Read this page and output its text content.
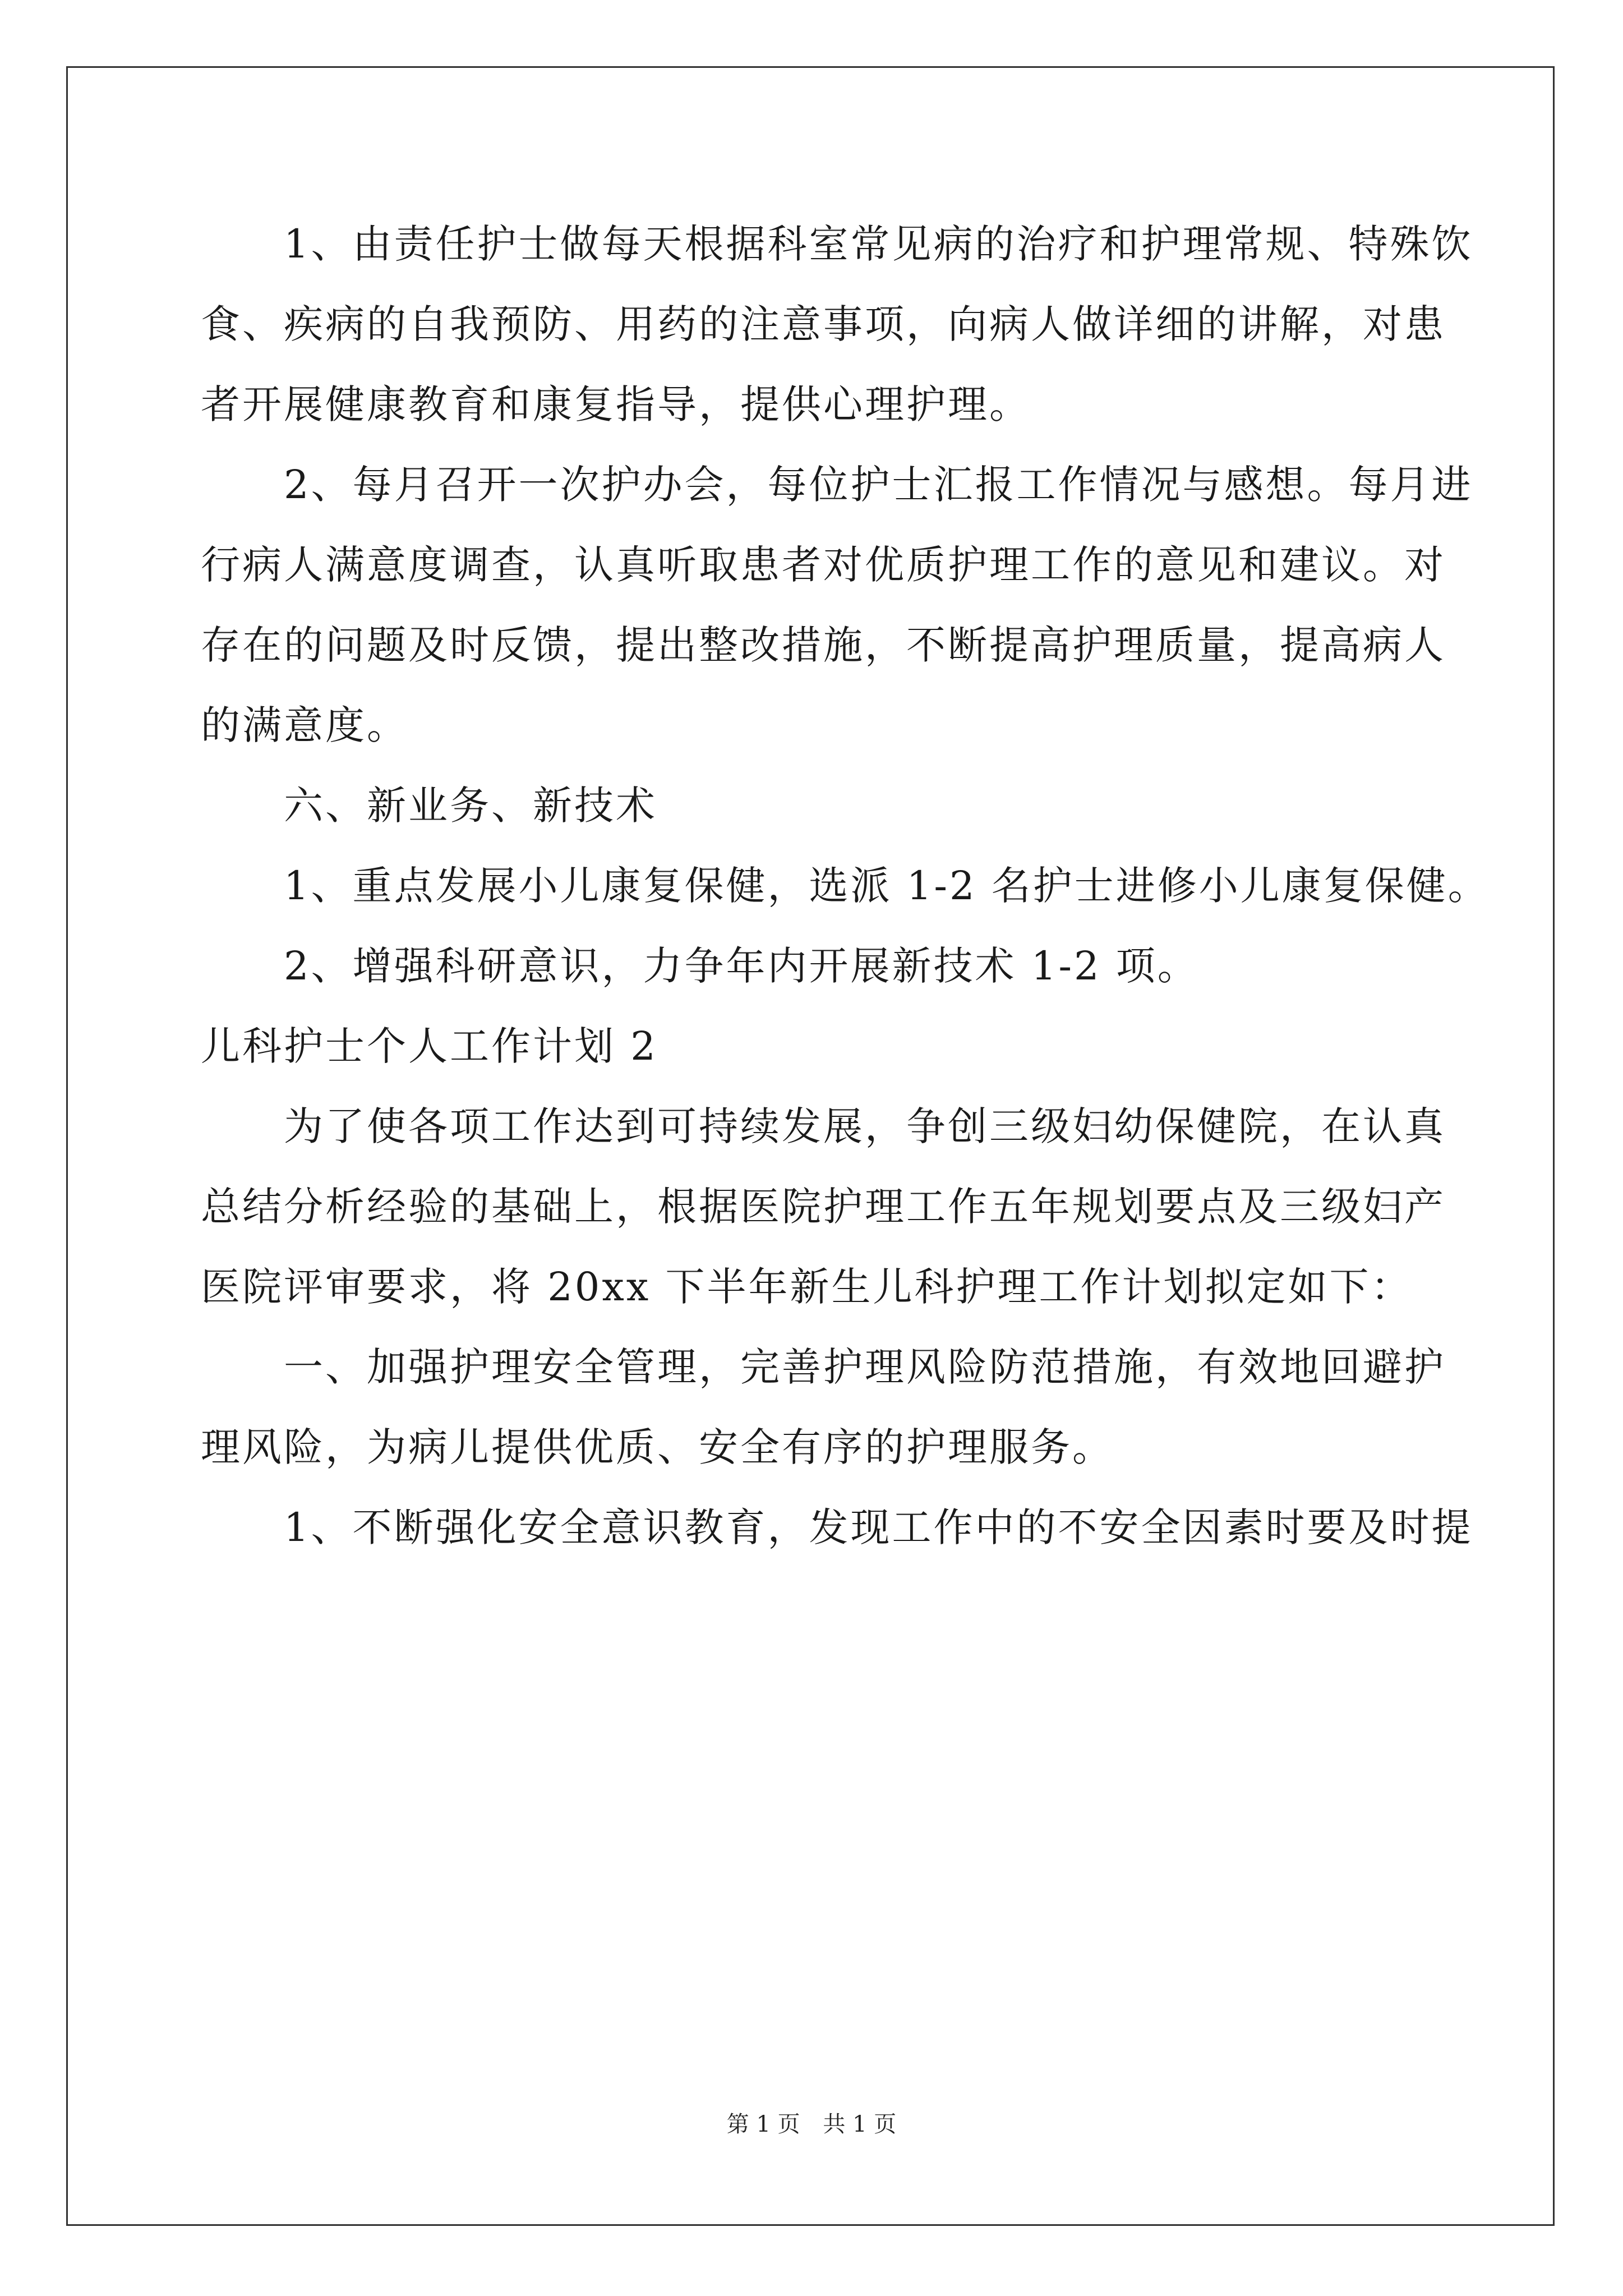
　　1、由责任护士做每天根据科室常见病的治疗和护理常规、特殊饮
食、疾病的自我预防、用药的注意事项，向病人做详细的讲解，对患
者开展健康教育和康复指导，提供心理护理。
　　2、每月召开一次护办会，每位护士汇报工作情况与感想。每月进
行病人满意度调查，认真听取患者对优质护理工作的意见和建议。对
存在的问题及时反馈，提出整改措施，不断提高护理质量，提高病人
的满意度。
　　六、新业务、新技术
　　1、重点发展小儿康复保健，选派 1-2 名护士进修小儿康复保健。
　　2、增强科研意识，力争年内开展新技术 1-2 项。
儿科护士个人工作计划 2
　　为了使各项工作达到可持续发展，争创三级妇幼保健院，在认真
总结分析经验的基础上，根据医院护理工作五年规划要点及三级妇产
医院评审要求，将 20xx 下半年新生儿科护理工作计划拟定如下：
　　一、加强护理安全管理，完善护理风险防范措施，有效地回避护
理风险，为病儿提供优质、安全有序的护理服务。
　　1、不断强化安全意识教育，发现工作中的不安全因素时要及时提
第 1 页 共 1 页
